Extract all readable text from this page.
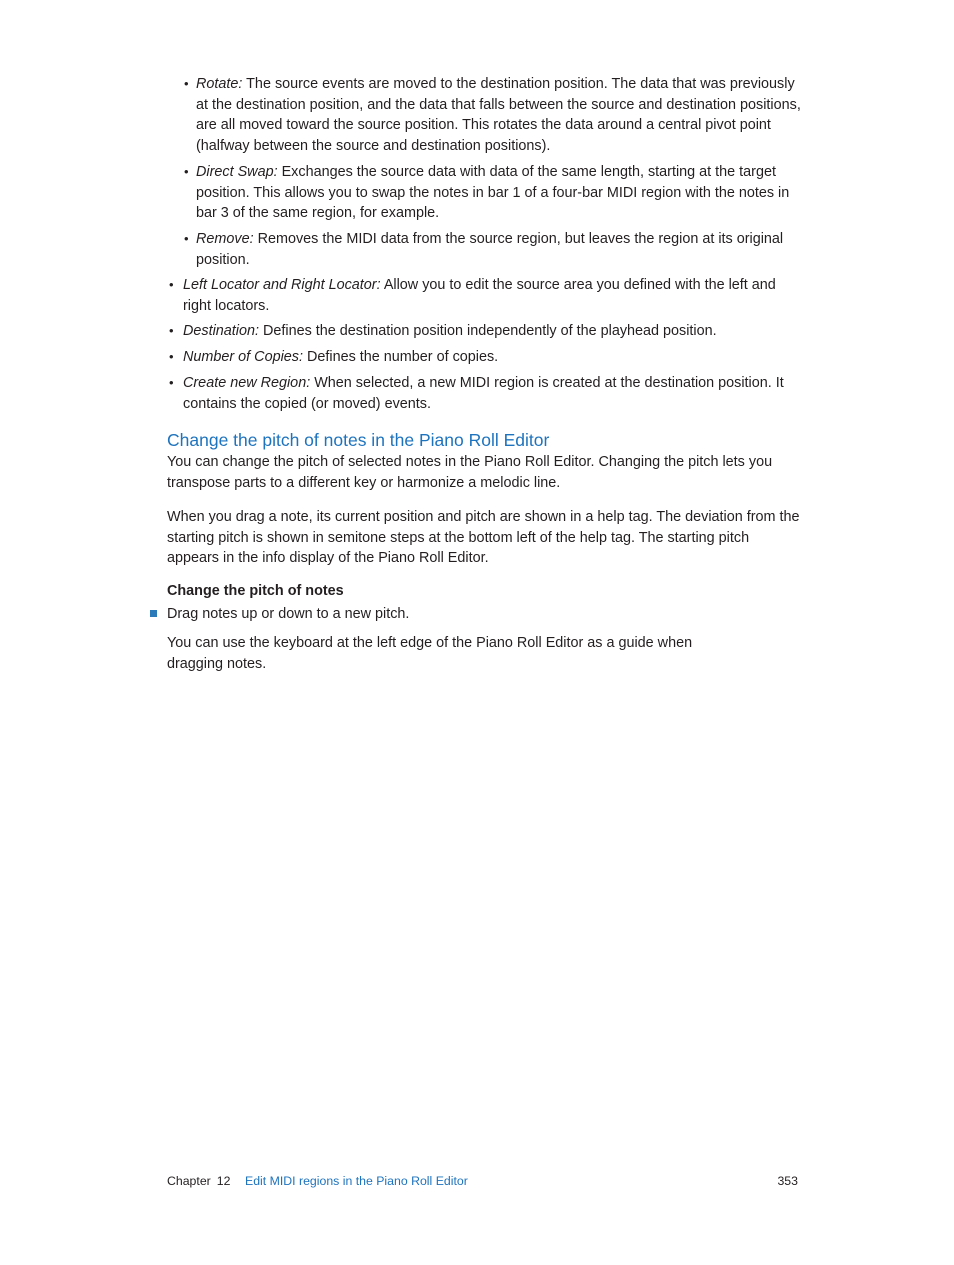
• Rotate: The source events are moved to the destination position. The data that was previously at the destination position, and the data that falls between the source and destination positions, are all moved toward the source position. This rotates the data around a central pivot point (halfway between the source and destination positions).
• Direct Swap: Exchanges the source data with data of the same length, starting at the target position. This allows you to swap the notes in bar 1 of a four-bar MIDI region with the notes in bar 3 of the same region, for example.
• Remove: Removes the MIDI data from the source region, but leaves the region at its original position.
• Left Locator and Right Locator: Allow you to edit the source area you defined with the left and right locators.
• Destination: Defines the destination position independently of the playhead position.
• Number of Copies: Defines the number of copies.
• Create new Region: When selected, a new MIDI region is created at the destination position. It contains the copied (or moved) events.
Change the pitch of notes in the Piano Roll Editor

You can change the pitch of selected notes in the Piano Roll Editor. Changing the pitch lets you transpose parts to a different key or harmonize a melodic line.

When you drag a note, its current position and pitch are shown in a help tag. The deviation from the starting pitch is shown in semitone steps at the bottom left of the help tag. The starting pitch appears in the info display of the Piano Roll Editor.

Change the pitch of notes
Drag notes up or down to a new pitch.
You can use the keyboard at the left edge of the Piano Roll Editor as a guide when
dragging notes.
Chapter 12 Edit MIDI regions in the Piano Roll Editor	353
